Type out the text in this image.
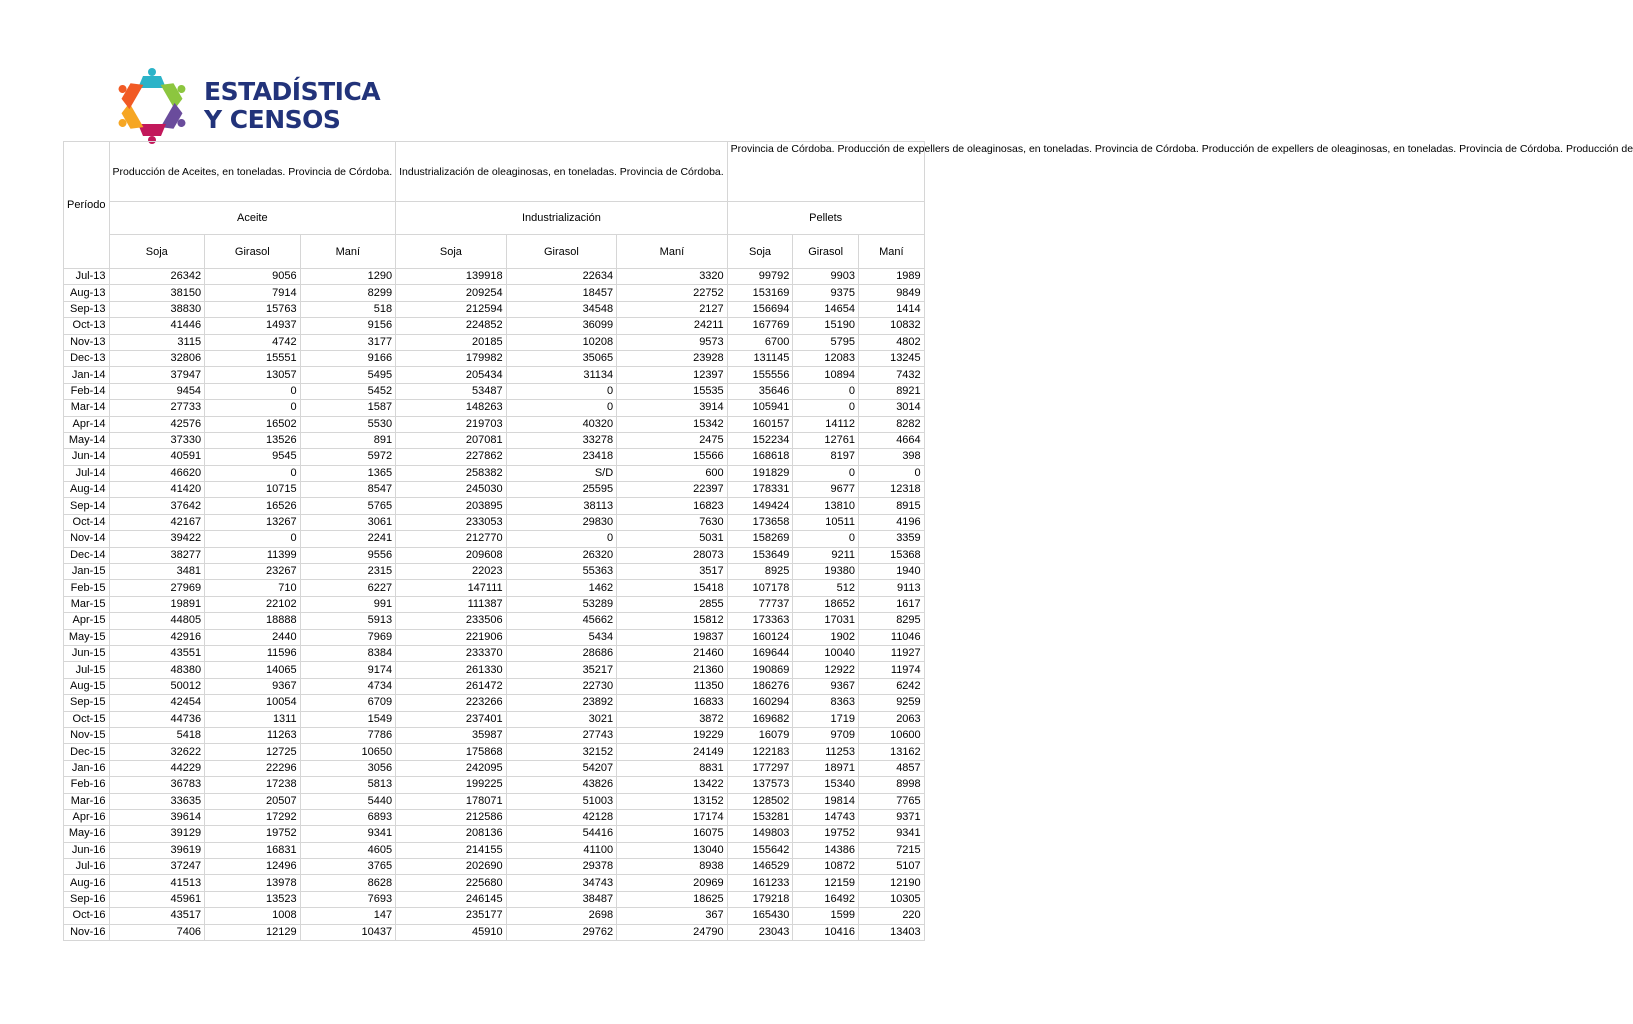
ESTADÍSTICA
Y CENSOS
Período	Producción de Aceites, en toneladas. Provincia de Córdoba.			Industrialización de oleaginosas, en toneladas. Provincia de Córdoba.			Provincia de Córdoba. Producción de expellers de oleaginosas, en toneladas. Provincia de Córdoba. Producción de expellers de oleaginosas, en toneladas. Provincia de Córdoba. Producción de		

	Aceite			Industrialización			Pellets		
	Soja	Girasol	Maní	Soja	Girasol	Maní	Soja	Girasol	Maní
Jul-13	26342	9056	1290	139918	22634	3320	99792	9903	1989
Aug-13	38150	7914	8299	209254	18457	22752	153169	9375	9849
Sep-13	38830	15763	518	212594	34548	2127	156694	14654	1414
Oct-13	41446	14937	9156	224852	36099	24211	167769	15190	10832
Nov-13	3115	4742	3177	20185	10208	9573	6700	5795	4802
Dec-13	32806	15551	9166	179982	35065	23928	131145	12083	13245
Jan-14	37947	13057	5495	205434	31134	12397	155556	10894	7432
Feb-14	9454	0	5452	53487	0	15535	35646	0	8921
Mar-14	27733	0	1587	148263	0	3914	105941	0	3014
Apr-14	42576	16502	5530	219703	40320	15342	160157	14112	8282
May-14	37330	13526	891	207081	33278	2475	152234	12761	4664
Jun-14	40591	9545	5972	227862	23418	15566	168618	8197	398
Jul-14	46620	0	1365	258382	S/D	600	191829	0	0
Aug-14	41420	10715	8547	245030	25595	22397	178331	9677	12318
Sep-14	37642	16526	5765	203895	38113	16823	149424	13810	8915
Oct-14	42167	13267	3061	233053	29830	7630	173658	10511	4196
Nov-14	39422	0	2241	212770	0	5031	158269	0	3359
Dec-14	38277	11399	9556	209608	26320	28073	153649	9211	15368
Jan-15	3481	23267	2315	22023	55363	3517	8925	19380	1940
Feb-15	27969	710	6227	147111	1462	15418	107178	512	9113
Mar-15	19891	22102	991	111387	53289	2855	77737	18652	1617
Apr-15	44805	18888	5913	233506	45662	15812	173363	17031	8295
May-15	42916	2440	7969	221906	5434	19837	160124	1902	11046
Jun-15	43551	11596	8384	233370	28686	21460	169644	10040	11927
Jul-15	48380	14065	9174	261330	35217	21360	190869	12922	11974
Aug-15	50012	9367	4734	261472	22730	11350	186276	9367	6242
Sep-15	42454	10054	6709	223266	23892	16833	160294	8363	9259
Oct-15	44736	1311	1549	237401	3021	3872	169682	1719	2063
Nov-15	5418	11263	7786	35987	27743	19229	16079	9709	10600
Dec-15	32622	12725	10650	175868	32152	24149	122183	11253	13162
Jan-16	44229	22296	3056	242095	54207	8831	177297	18971	4857
Feb-16	36783	17238	5813	199225	43826	13422	137573	15340	8998
Mar-16	33635	20507	5440	178071	51003	13152	128502	19814	7765
Apr-16	39614	17292	6893	212586	42128	17174	153281	14743	9371
May-16	39129	19752	9341	208136	54416	16075	149803	19752	9341
Jun-16	39619	16831	4605	214155	41100	13040	155642	14386	7215
Jul-16	37247	12496	3765	202690	29378	8938	146529	10872	5107
Aug-16	41513	13978	8628	225680	34743	20969	161233	12159	12190
Sep-16	45961	13523	7693	246145	38487	18625	179218	16492	10305
Oct-16	43517	1008	147	235177	2698	367	165430	1599	220
Nov-16	7406	12129	10437	45910	29762	24790	23043	10416	13403
